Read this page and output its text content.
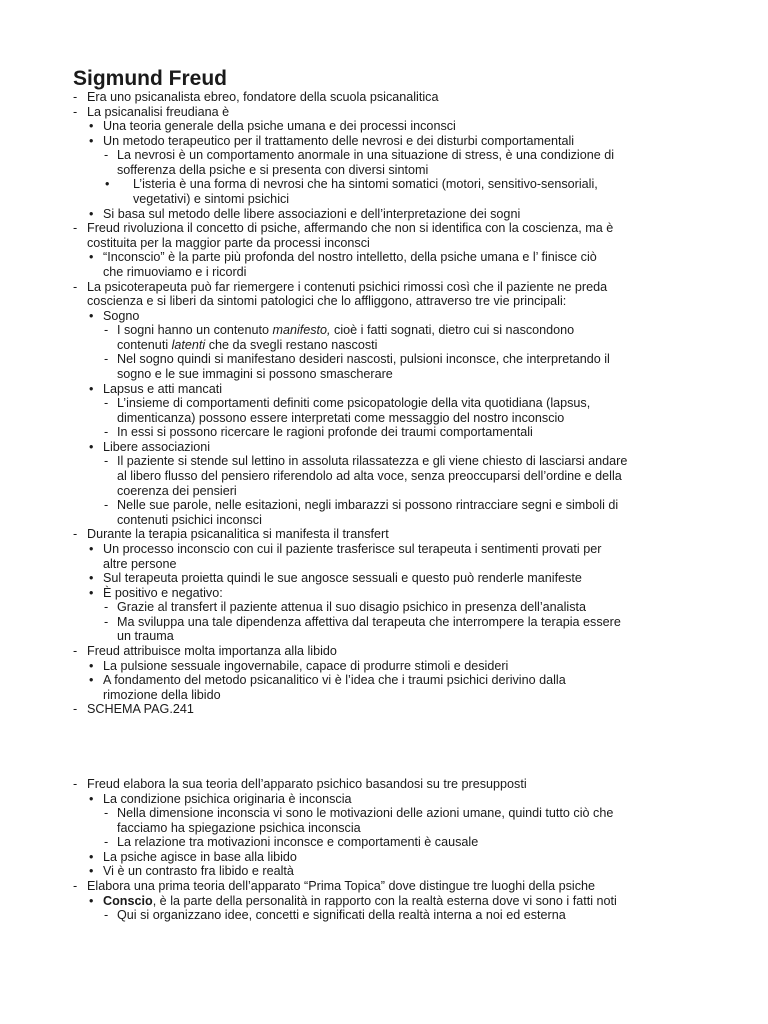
Sigmund Freud
- Era uno psicanalista ebreo, fondatore della scuola psicanalitica
- La psicanalisi freudiana è
• Una teoria generale della psiche umana e dei processi inconsci
• Un metodo terapeutico per il trattamento delle nevrosi e dei disturbi comportamentali
- La nevrosi è un comportamento anormale in una situazione di stress, è una condizione di
sofferenza della psiche e si presenta con diversi sintomi
• L’isteria è una forma di nevrosi che ha sintomi somatici (motori, sensitivo-sensoriali,
vegetativi) e sintomi psichici
• Si basa sul metodo delle libere associazioni e dell’interpretazione dei sogni
- Freud rivoluziona il concetto di psiche, affermando che non si identifica con la coscienza, ma è
costituita per la maggior parte da processi inconsci
• “Inconscio” è la parte più profonda del nostro intelletto, della psiche umana e l’ finisce ciò
che rimuoviamo e i ricordi
- La psicoterapeuta può far riemergere i contenuti psichici rimossi così che il paziente ne preda
coscienza e si liberi da sintomi patologici che lo affliggono, attraverso tre vie principali:
• Sogno
- I sogni hanno un contenuto manifesto, cioè i fatti sognati, dietro cui si nascondono
contenuti latenti che da svegli restano nascosti
- Nel sogno quindi si manifestano desideri nascosti, pulsioni inconsce, che interpretando il
sogno e le sue immagini si possono smascherare
• Lapsus e atti mancati
- L’insieme di comportamenti definiti come psicopatologie della vita quotidiana (lapsus,
dimenticanza) possono essere interpretati come messaggio del nostro inconscio
- In essi si possono ricercare le ragioni profonde dei traumi comportamentali
• Libere associazioni
- Il paziente si stende sul lettino in assoluta rilassatezza e gli viene chiesto di lasciarsi andare
al libero flusso del pensiero riferendolo ad alta voce, senza preoccuparsi dell’ordine e della
coerenza dei pensieri
- Nelle sue parole, nelle esitazioni, negli imbarazzi si possono rintracciare segni e simboli di
contenuti psichici inconsci
- Durante la terapia psicanalitica si manifesta il transfert
• Un processo inconscio con cui il paziente trasferisce sul terapeuta i sentimenti provati per
altre persone
• Sul terapeuta proietta quindi le sue angosce sessuali e questo può renderle manifeste
• È positivo e negativo:
- Grazie al transfert il paziente attenua il suo disagio psichico in presenza dell’analista
- Ma sviluppa una tale dipendenza affettiva dal terapeuta che interrompere la terapia essere
un trauma
- Freud attribuisce molta importanza alla libido
• La pulsione sessuale ingovernabile, capace di produrre stimoli e desideri
• A fondamento del metodo psicanalitico vi è l’idea che i traumi psichici derivino dalla
rimozione della libido
- SCHEMA PAG.241
- Freud elabora la sua teoria dell’apparato psichico basandosi su tre presupposti
• La condizione psichica originaria è inconscia
- Nella dimensione inconscia vi sono le motivazioni delle azioni umane, quindi tutto ciò che
facciamo ha spiegazione psichica inconscia
- La relazione tra motivazioni inconsce e comportamenti è causale
• La psiche agisce in base alla libido
• Vi è un contrasto fra libido e realtà
- Elabora una prima teoria dell’apparato “Prima Topica” dove distingue tre luoghi della psiche
• Conscio, è la parte della personalità in rapporto con la realtà esterna dove vi sono i fatti noti
- Qui si organizzano idee, concetti e significati della realtà interna a noi ed esterna
